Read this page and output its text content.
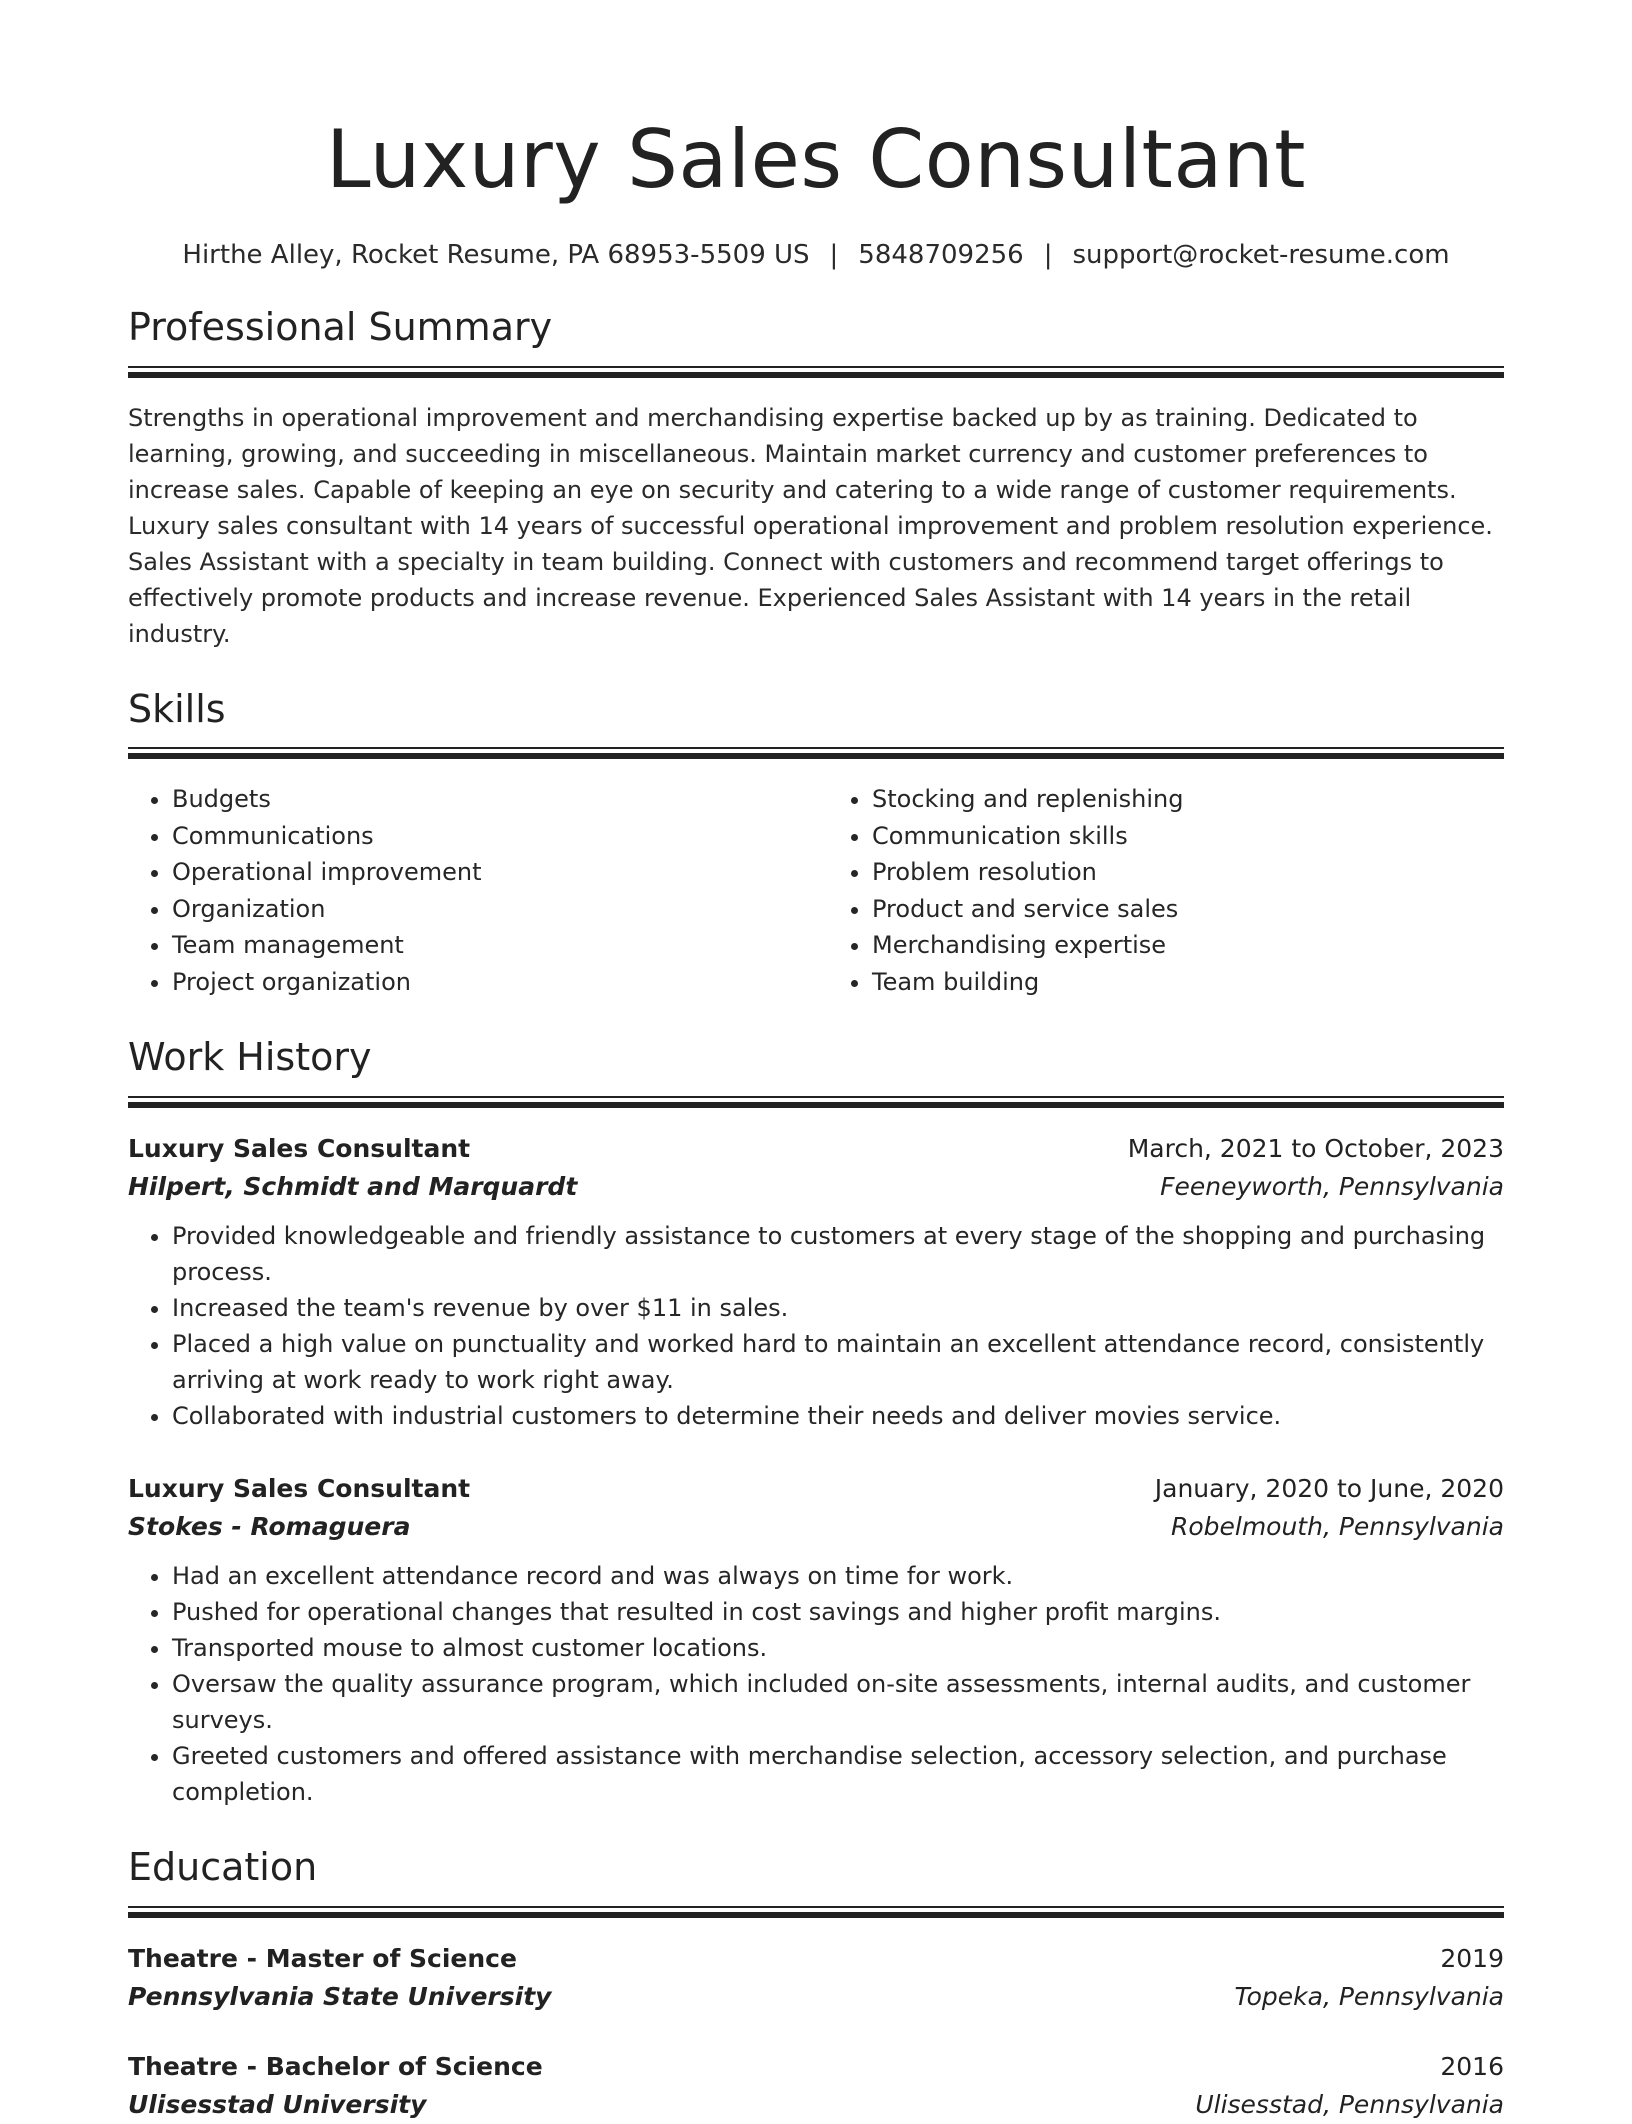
Luxury Sales Consultant
Hirthe Alley, Rocket Resume, PA 68953-5509 US | 5848709256 | support@rocket-resume.com
Professional Summary

Strengths in operational improvement and merchandising expertise backed up by as training. Dedicated to learning, growing, and succeeding in miscellaneous. Maintain market currency and customer preferences to increase sales. Capable of keeping an eye on security and catering to a wide range of customer requirements. Luxury sales consultant with 14 years of successful operational improvement and problem resolution experience. Sales Assistant with a specialty in team building. Connect with customers and recommend target offerings to effectively promote products and increase revenue. Experienced Sales Assistant with 14 years in the retail industry.

Skills
• Budgets
• Communications
• Operational improvement
• Organization
• Team management
• Project organization
• Stocking and replenishing
• Communication skills
• Problem resolution
• Product and service sales
• Merchandising expertise
• Team building
Work History
Luxury Sales Consultant	March, 2021 to October, 2023
Hilpert, Schmidt and Marquardt	Feeneyworth, Pennsylvania
• Provided knowledgeable and friendly assistance to customers at every stage of the shopping and purchasing process.
• Increased the team's revenue by over $11 in sales.
• Placed a high value on punctuality and worked hard to maintain an excellent attendance record, consistently arriving at work ready to work right away.
• Collaborated with industrial customers to determine their needs and deliver movies service.
Luxury Sales Consultant	January, 2020 to June, 2020
Stokes - Romaguera	Robelmouth, Pennsylvania
• Had an excellent attendance record and was always on time for work.
• Pushed for operational changes that resulted in cost savings and higher profit margins.
• Transported mouse to almost customer locations.
• Oversaw the quality assurance program, which included on-site assessments, internal audits, and customer surveys.
• Greeted customers and offered assistance with merchandise selection, accessory selection, and purchase completion.
Education
Theatre - Master of Science	2019
Pennsylvania State University	Topeka, Pennsylvania
Theatre - Bachelor of Science	2016
Ulisesstad University	Ulisesstad, Pennsylvania
